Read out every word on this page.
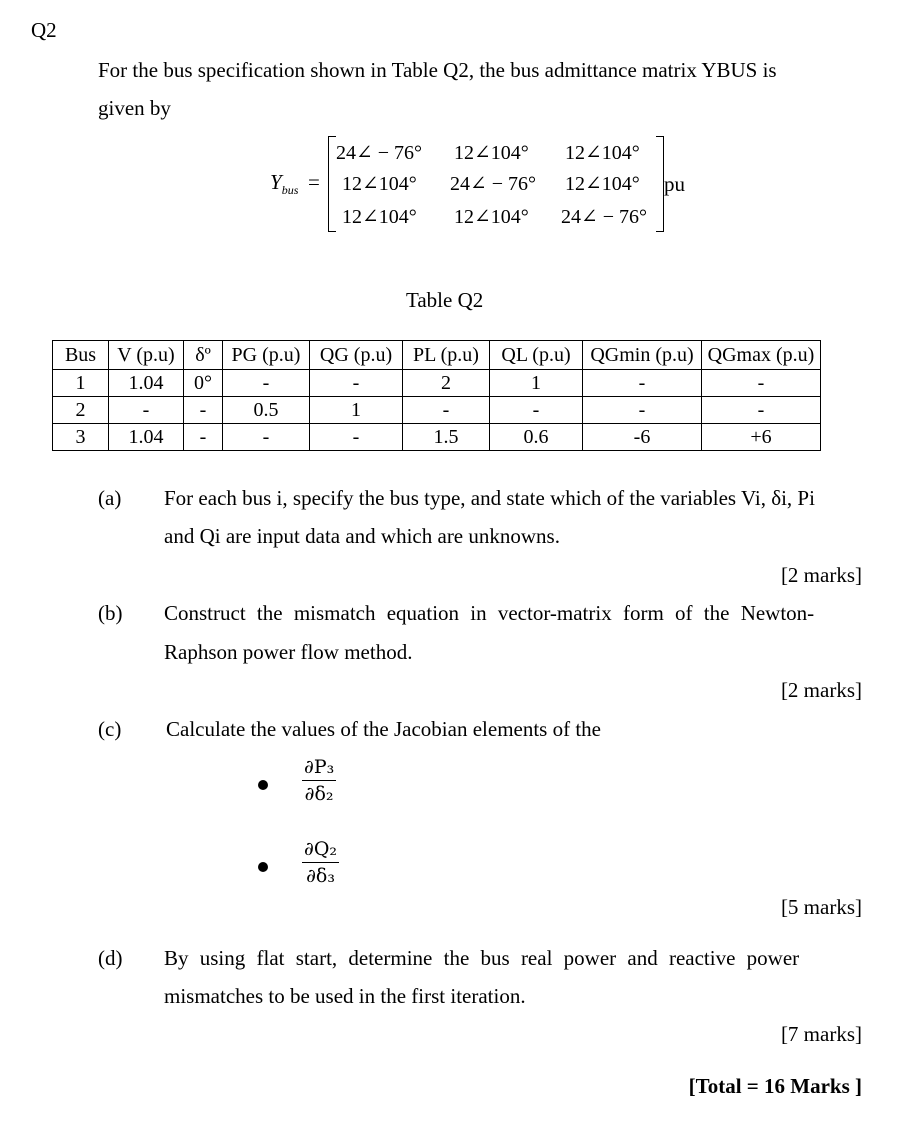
Q2
For the bus specification shown in Table Q2, the bus admittance matrix YBUS is
given by
$Y_{bus}$ =
24∠ − 76° 12∠104° 12∠104°
12∠104° 24∠ − 76° 12∠104°
12∠104° 12∠104° 24∠ − 76°
pu
Table Q2
Bus	V (p.u)	δº	PG (p.u)	QG (p.u)	PL (p.u)	QL (p.u)	QGmin (p.u)	QGmax (p.u)
1	1.04	0°	-	-	2	1	-	-
2	-	-	0.5	1	-	-	-	-
3	1.04	-	-	-	1.5	0.6	-6	+6
(a) For each bus i, specify the bus type, and state which of the variables Vi, δi, Pi
and Qi are input data and which are unknowns.
[2 marks]
(b) Construct the mismatch equation in vector-matrix form of the Newton-
Raphson power flow method.
[2 marks]
(c) Calculate the values of the Jacobian elements of the
∂P₃
∂δ₂
∂Q₂
∂δ₃
[5 marks]
(d) By using flat start, determine the bus real power and reactive power
mismatches to be used in the first iteration.
[7 marks]
[Total = 16 Marks ]
